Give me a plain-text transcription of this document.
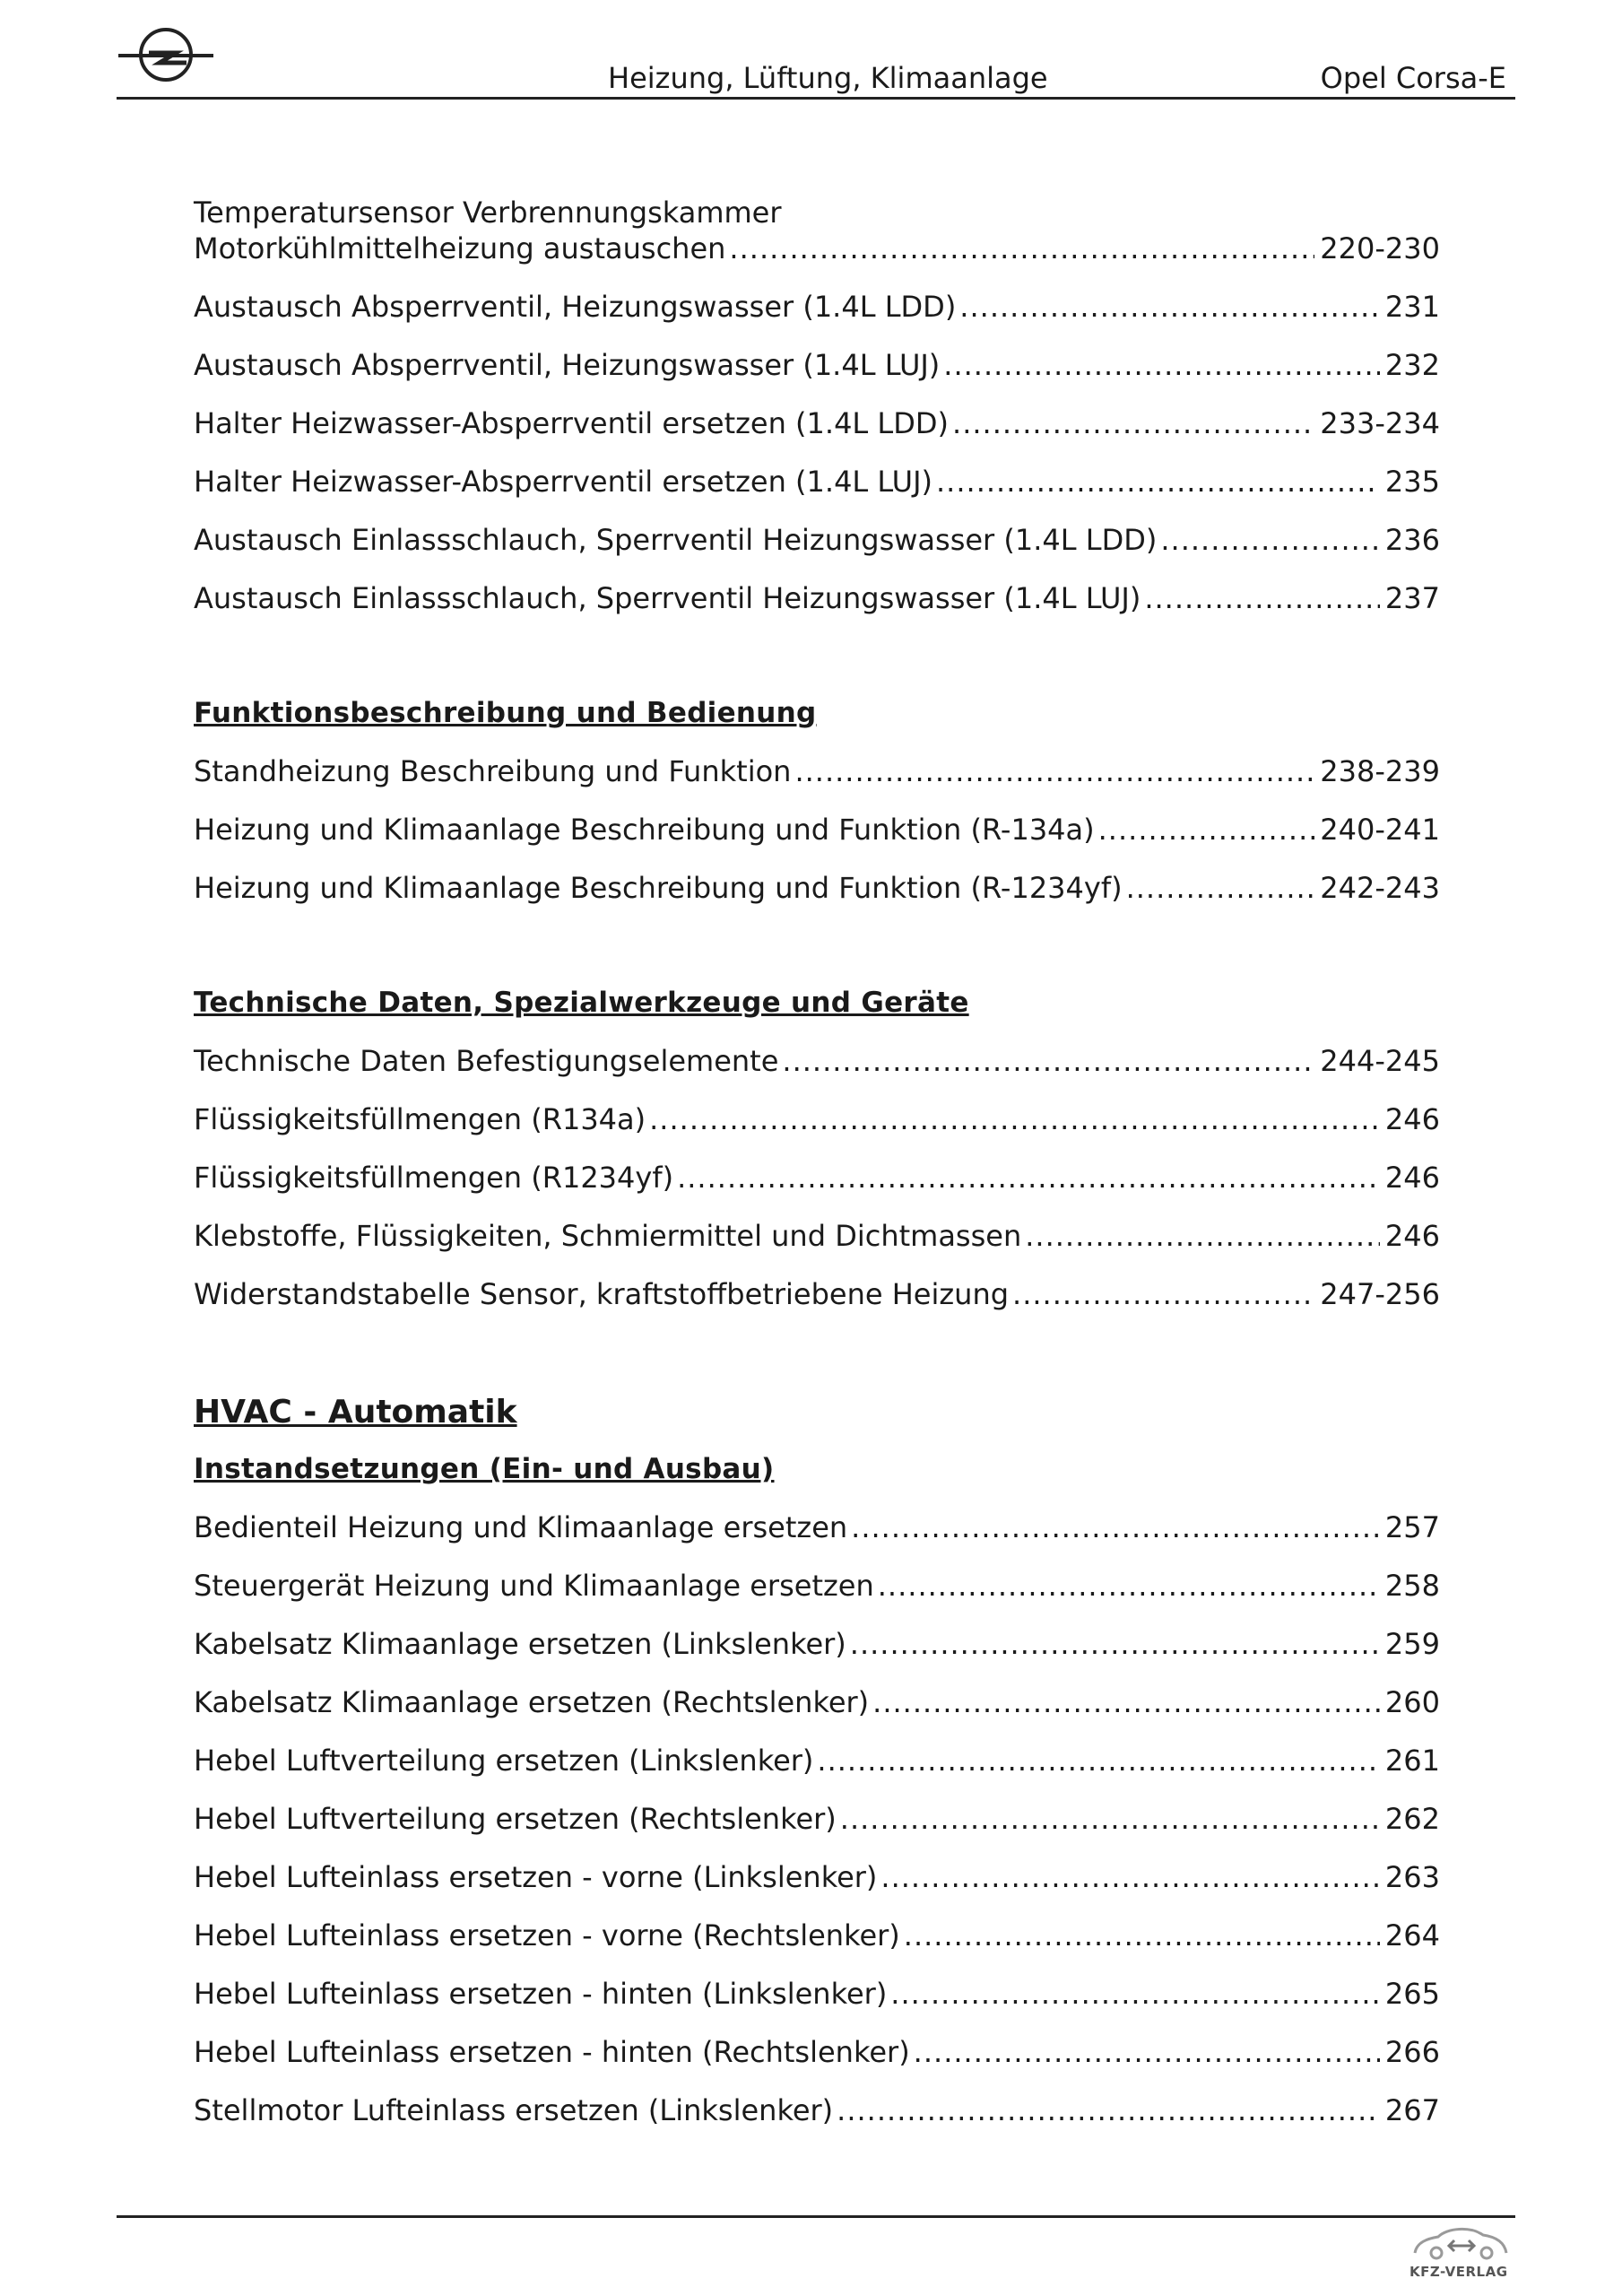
Heizung, Lüftung, Klimaanlage	Opel Corsa-E
Temperatursensor Verbrennungskammer
Motorkühlmittelheizung austauschen .....	220-230
Austausch Absperrventil, Heizungswasser (1.4L LDD) .....	231
Austausch Absperrventil, Heizungswasser (1.4L LUJ) .....	232
Halter Heizwasser-Absperrventil ersetzen (1.4L LDD) .....	233-234
Halter Heizwasser-Absperrventil ersetzen (1.4L LUJ) .....	235
Austausch Einlassschlauch, Sperrventil Heizungswasser (1.4L LDD) .....	236
Austausch Einlassschlauch, Sperrventil Heizungswasser (1.4L LUJ) .....	237
Funktionsbeschreibung und Bedienung
Standheizung Beschreibung und Funktion .....	238-239
Heizung und Klimaanlage Beschreibung und Funktion (R-134a) .....	240-241
Heizung und Klimaanlage Beschreibung und Funktion (R-1234yf) .....	242-243
Technische Daten, Spezialwerkzeuge und Geräte
Technische Daten Befestigungselemente .....	244-245
Flüssigkeitsfüllmengen (R134a) .....	246
Flüssigkeitsfüllmengen (R1234yf) .....	246
Klebstoffe, Flüssigkeiten, Schmiermittel und Dichtmassen .....	246
Widerstandstabelle Sensor, kraftstoffbetriebene Heizung .....	247-256
HVAC - Automatik
Instandsetzungen (Ein- und Ausbau)
Bedienteil Heizung und Klimaanlage ersetzen .....	257
Steuergerät Heizung und Klimaanlage ersetzen .....	258
Kabelsatz Klimaanlage ersetzen (Linkslenker) .....	259
Kabelsatz Klimaanlage ersetzen (Rechtslenker) .....	260
Hebel Luftverteilung ersetzen (Linkslenker) .....	261
Hebel Luftverteilung ersetzen (Rechtslenker) .....	262
Hebel Lufteinlass ersetzen - vorne (Linkslenker) .....	263
Hebel Lufteinlass ersetzen - vorne (Rechtslenker) .....	264
Hebel Lufteinlass ersetzen - hinten (Linkslenker) .....	265
Hebel Lufteinlass ersetzen - hinten (Rechtslenker) .....	266
Stellmotor Lufteinlass ersetzen (Linkslenker) .....	267
KFZ-VERLAG
